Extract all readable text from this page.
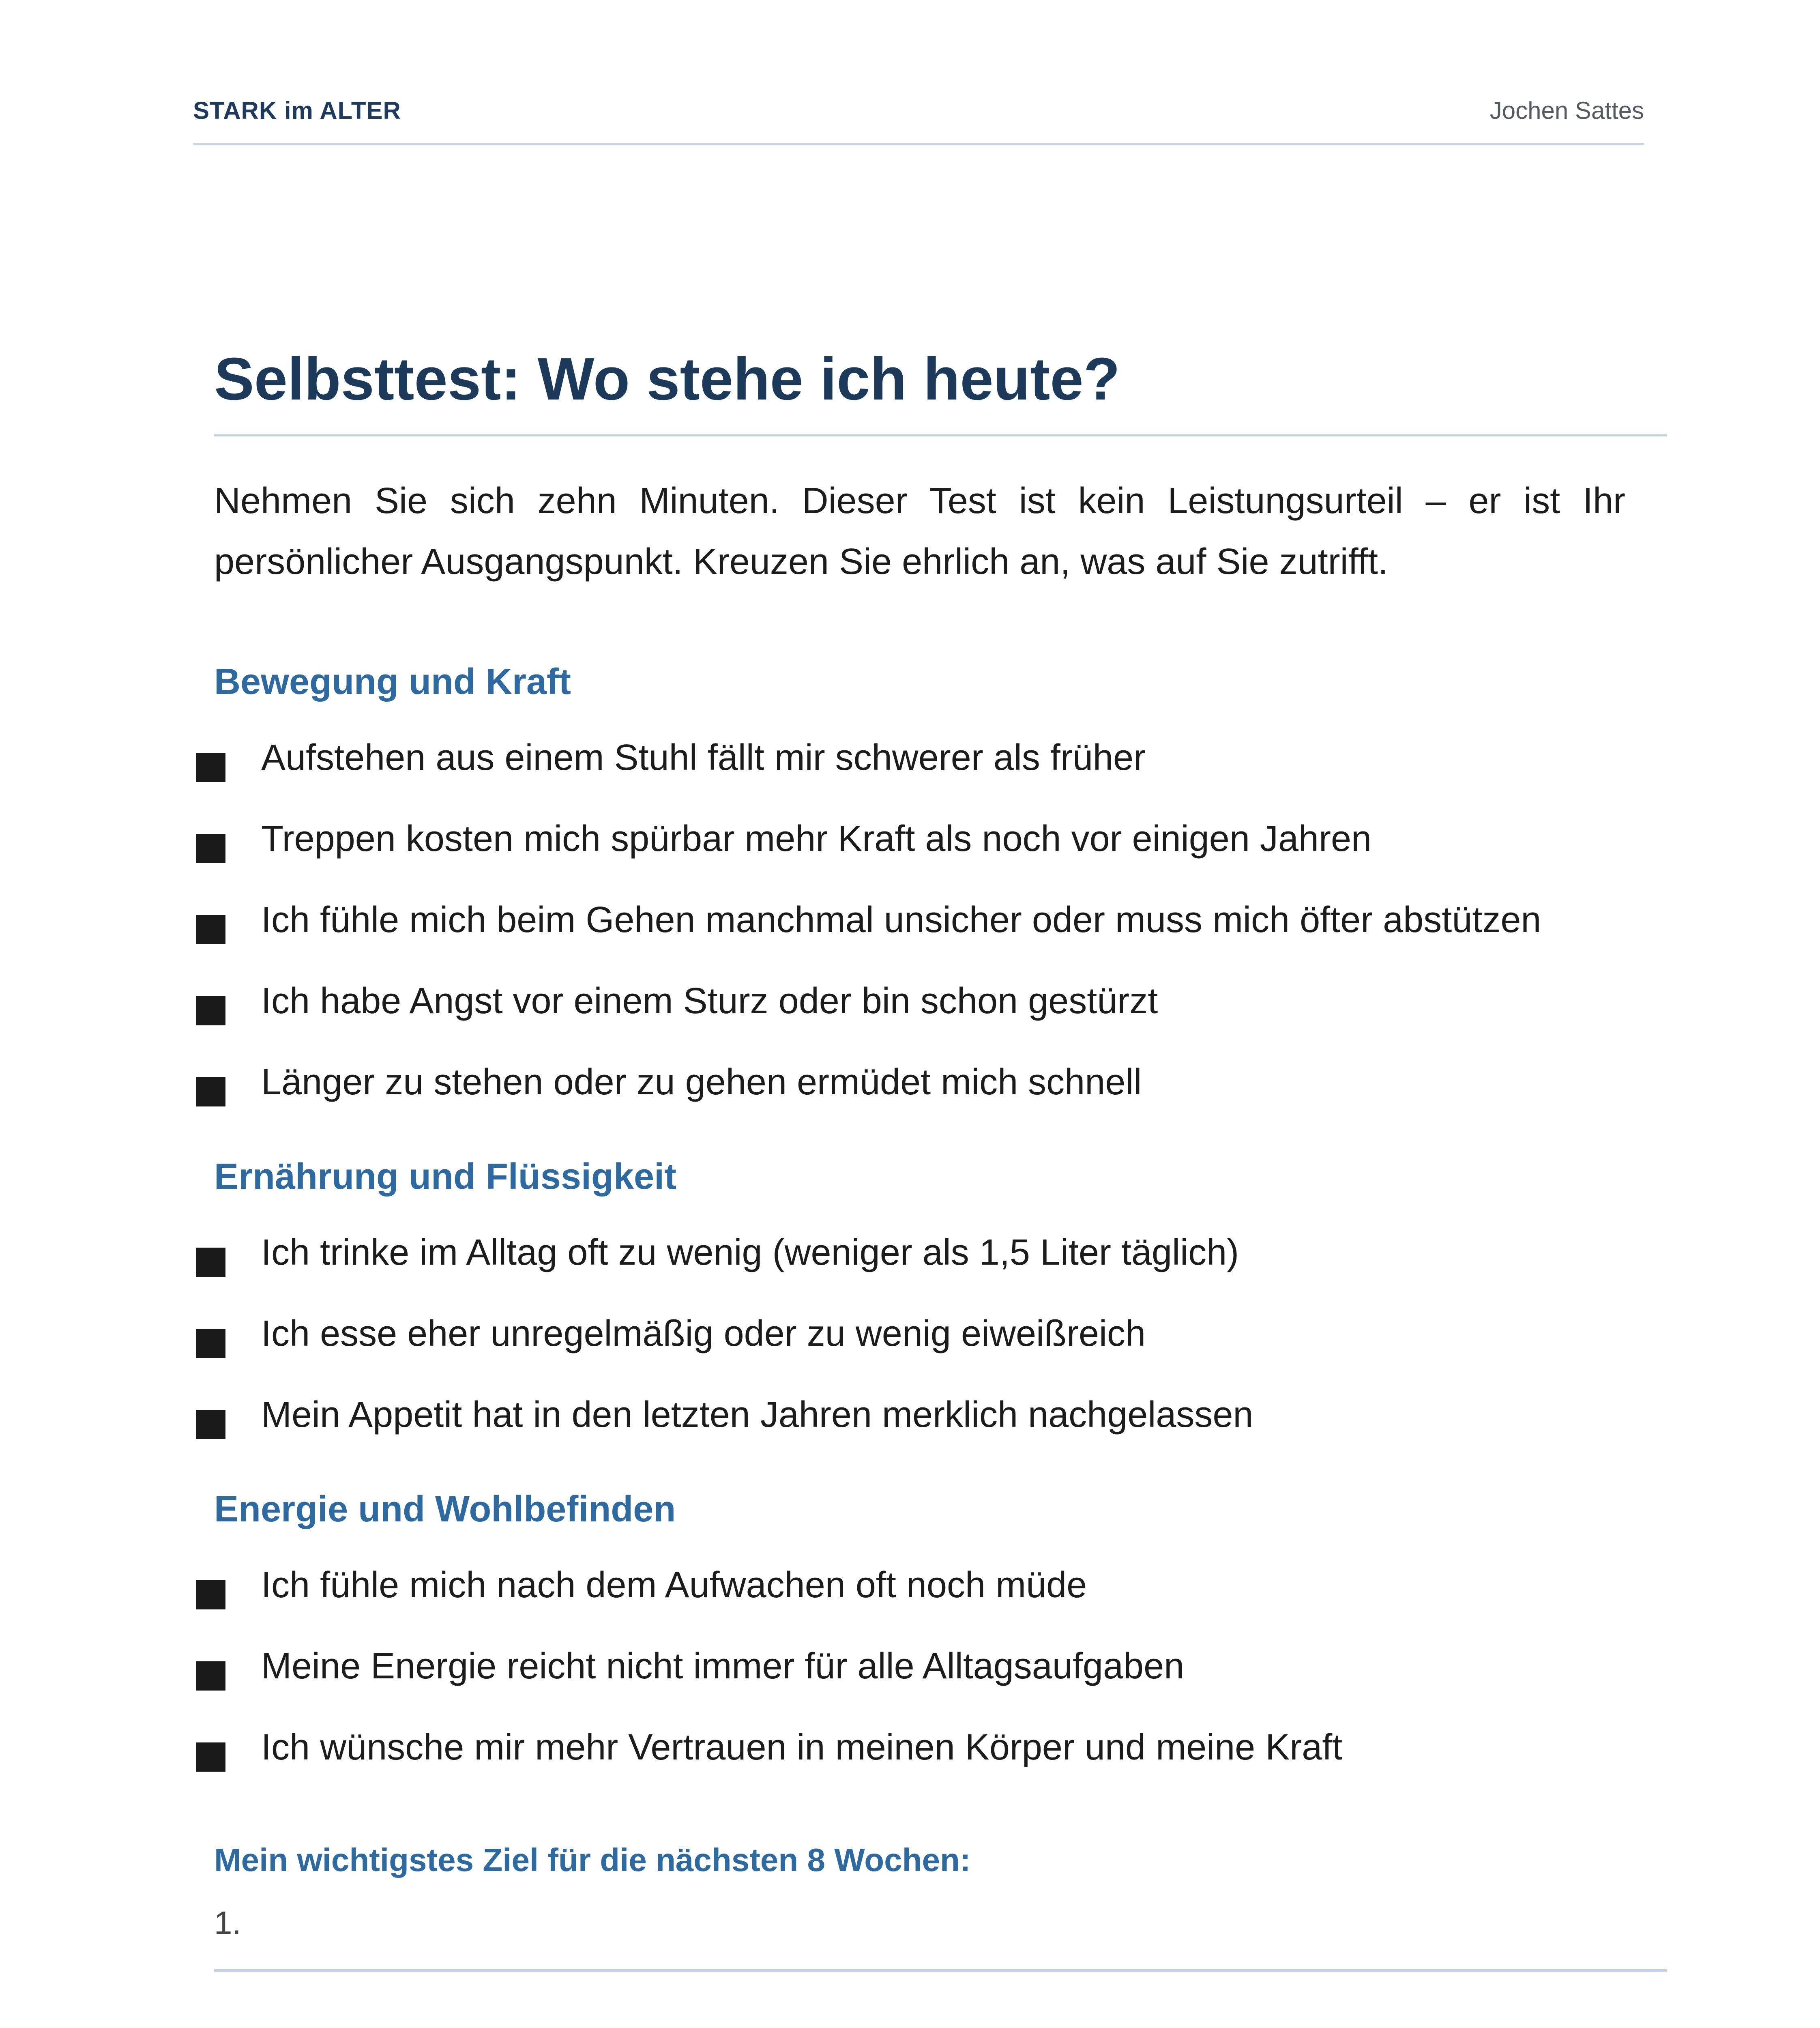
STARK im ALTER	Jochen Sattes
Selbsttest: Wo stehe ich heute?
Nehmen Sie sich zehn Minuten. Dieser Test ist kein Leistungsurteil – er ist Ihr persönlicher Ausgangspunkt. Kreuzen Sie ehrlich an, was auf Sie zutrifft.
Bewegung und Kraft
Aufstehen aus einem Stuhl fällt mir schwerer als früher
Treppen kosten mich spürbar mehr Kraft als noch vor einigen Jahren
Ich fühle mich beim Gehen manchmal unsicher oder muss mich öfter abstützen
Ich habe Angst vor einem Sturz oder bin schon gestürzt
Länger zu stehen oder zu gehen ermüdet mich schnell
Ernährung und Flüssigkeit
Ich trinke im Alltag oft zu wenig (weniger als 1,5 Liter täglich)
Ich esse eher unregelmäßig oder zu wenig eiweißreich
Mein Appetit hat in den letzten Jahren merklich nachgelassen
Energie und Wohlbefinden
Ich fühle mich nach dem Aufwachen oft noch müde
Meine Energie reicht nicht immer für alle Alltagsaufgaben
Ich wünsche mir mehr Vertrauen in meinen Körper und meine Kraft
Mein wichtigstes Ziel für die nächsten 8 Wochen:
1.
